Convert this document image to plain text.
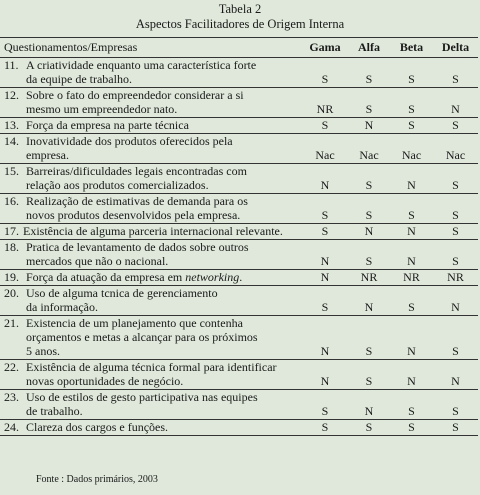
Tabela 2
Aspectos Facilitadores de Origem Interna
Questionamentos/Empresas	Gama	Alfa	Beta	Delta
11. A criatividade enquanto uma característica forte
da equipe de trabalho.	S	S	S	S
12. Sobre o fato do empreendedor considerar a si
mesmo um empreendedor nato.	NR	S	S	N
13. Força da empresa na parte técnica	S	N	S	S
14. Inovatividade dos produtos oferecidos pela
empresa.	Nac	Nac	Nac	Nac
15. Barreiras/dificuldades legais encontradas com
relação aos produtos comercializados.	N	S	N	S
16. Realização de estimativas de demanda para os
novos produtos desenvolvidos pela empresa.	S	S	S	S
17. Existência de alguma parceria internacional relevante.	S	N	N	S
18. Pratica de levantamento de dados sobre outros
mercados que não o nacional.	N	S	N	S
19. Força da atuação da empresa em networking.	N	NR	NR	NR
20. Uso de alguma tcnica de gerenciamento
da informação.	S	N	S	N
21. Existencia de um planejamento que contenha
orçamentos e metas a alcançar para os próximos
5 anos.	N	S	N	S
22. Existência de alguma técnica formal para identificar
novas oportunidades de negócio.	N	S	N	N
23. Uso de estilos de gesto participativa nas equipes
de trabalho.	S	N	S	S
24. Clareza dos cargos e funções.	S	S	S	S
Fonte : Dados primários, 2003
